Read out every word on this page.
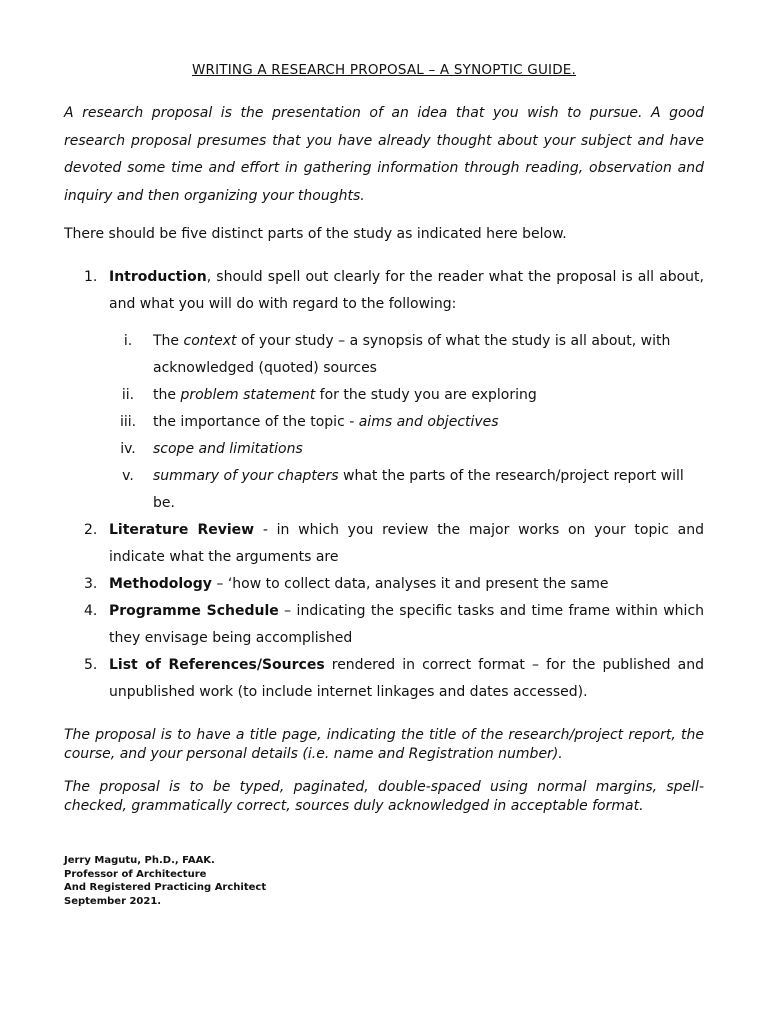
WRITING A RESEARCH PROPOSAL – A SYNOPTIC GUIDE.

A research proposal is the presentation of an idea that you wish to pursue. A good research proposal presumes that you have already thought about your subject and have devoted some time and effort in gathering information through reading, observation and inquiry and then organizing your thoughts.

There should be five distinct parts of the study as indicated here below.

1. Introduction, should spell out clearly for the reader what the proposal is all about, and what you will do with regard to the following:
i.	The context of your study – a synopsis of what the study is all about, with acknowledged (quoted) sources
ii.	the problem statement for the study you are exploring
iii. the importance of the topic - aims and objectives
iv. scope and limitations
v.	summary of your chapters what the parts of the research/project report will be.
2. Literature Review - in which you review the major works on your topic and indicate what the arguments are
3. Methodology – ‘how to collect data, analyses it and present the same
4. Programme Schedule – indicating the specific tasks and time frame within which they envisage being accomplished
5. List of References/Sources rendered in correct format – for the published and unpublished work (to include internet linkages and dates accessed).

The proposal is to have a title page, indicating the title of the research/project report, the course, and your personal details (i.e. name and Registration number).

The proposal is to be typed, paginated, double-spaced using normal margins, spell-checked, grammatically correct, sources duly acknowledged in acceptable format.

Jerry Magutu, Ph.D., FAAK.
Professor of Architecture
And Registered Practicing Architect
September 2021.
